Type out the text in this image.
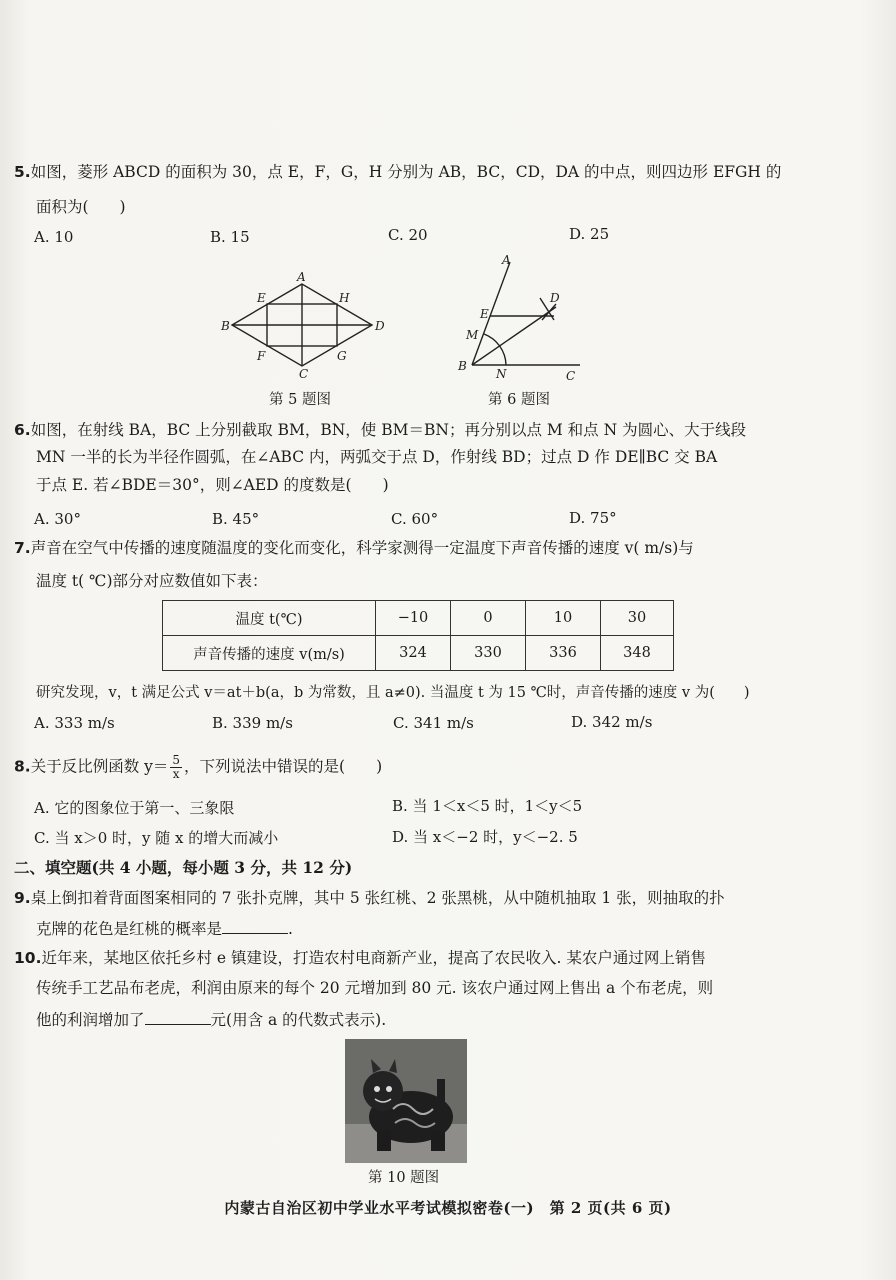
5.如图，菱形 ABCD 的面积为 30，点 E，F，G，H 分别为 AB，BC，CD，DA 的中点，则四边形 EFGH 的
面积为(　　)
A. 10	B. 15	C. 20	D. 25
A
B
C
D
E
F	G
H
第 5 题图
A
B
C
D
E
M
N
第 6 题图
6.如图，在射线 BA，BC 上分别截取 BM，BN，使 BM＝BN；再分别以点 M 和点 N 为圆心、大于线段
MN 一半的长为半径作圆弧，在∠ABC 内，两弧交于点 D，作射线 BD；过点 D 作 DE∥BC 交 BA
于点 E. 若∠BDE＝30°，则∠AED 的度数是(　　)
A. 30°	B. 45°	C. 60°	D. 75°
7.声音在空气中传播的速度随温度的变化而变化，科学家测得一定温度下声音传播的速度 v( m/s)与
温度 t( ℃)部分对应数值如下表：
温度 t(℃)	−10	0	10	30
声音传播的速度 v(m/s)	324	330	336	348
研究发现，v，t 满足公式 v＝at＋b(a，b 为常数，且 a≠0). 当温度 t 为 15 ℃时，声音传播的速度 v 为(　　)
A. 333 m/s	B. 339 m/s	C. 341 m/s	D. 342 m/s
8.关于反比例函数 $y= \frac{5}{x}$ ，下列说法中错误的是(　　)
A. 它的图象位于第一、三象限	B. 当 1＜x＜5 时，1＜y＜5
C. 当 x＞0 时，y 随 x 的增大而减小	D. 当 x＜−2 时，y＜−2. 5
二、填空题(共 4 小题，每小题 3 分，共 12 分)
9.桌上倒扣着背面图案相同的 7 张扑克牌，其中 5 张红桃、2 张黑桃，从中随机抽取 1 张，则抽取的扑
克牌的花色是红桃的概率是	.
10.近年来，某地区依托乡村 e 镇建设，打造农村电商新产业，提高了农民收入. 某农户通过网上销售
传统手工艺品布老虎，利润由原来的每个 20 元增加到 80 元. 该农户通过网上售出 a 个布老虎，则
他的利润增加了	元(用含 a 的代数式表示).
第 10 题图
内蒙古自治区初中学业水平考试模拟密卷(一)　第 2 页(共 6 页)
